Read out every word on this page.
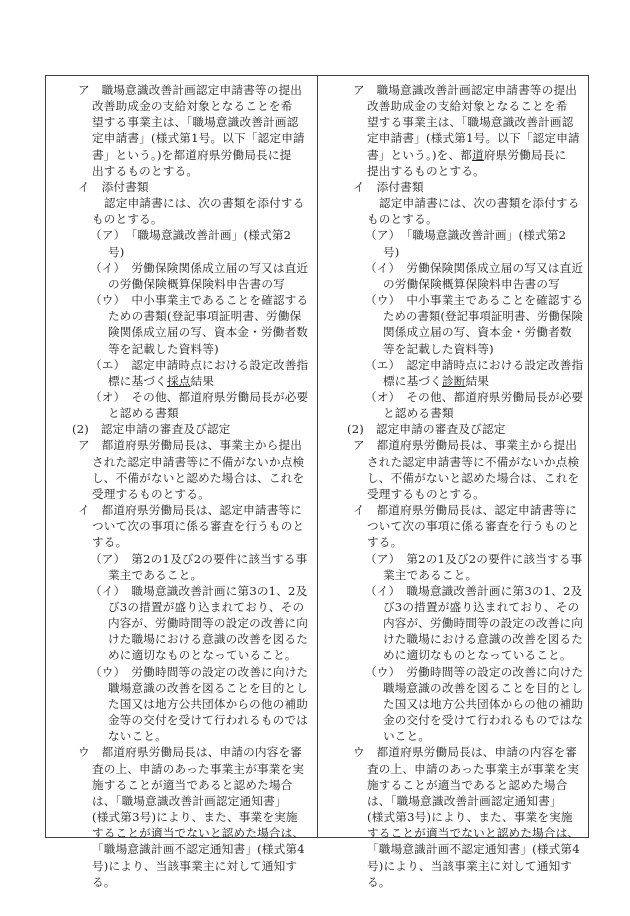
ア　職場意識改善計画認定申請書等の提出
改善助成金の支給対象となることを希
望する事業主は、「職場意識改善計画認
定申請書」(様式第1号。以下「認定申請
書」という。)を都道府県労働局長に提
出するものとする。
イ　添付書類
認定申請書には、次の書類を添付する
ものとする。
（ア）　「職場意識改善計画」(様式第2
号)
（イ）　労働保険関係成立届の写又は直近
の労働保険概算保険料申告書の写
（ウ）　中小事業主であることを確認する
ための書類(登記事項証明書、労働保
険関係成立届の写、資本金・労働者数
等を記載した資料等)
（エ）　認定申請時点における設定改善指
標に基づく採点結果
（オ）　その他、都道府県労働局長が必要
と認める書類
(2)　認定申請の審査及び認定
ア　都道府県労働局長は、事業主から提出
された認定申請書等に不備がないか点検
し、不備がないと認めた場合は、これを
受理するものとする。
イ　都道府県労働局長は、認定申請書等に
ついて次の事項に係る審査を行うものと
する。
（ア）　第2の1及び2の要件に該当する事
業主であること。
（イ）　職場意識改善計画に第3の1、2及
び3の措置が盛り込まれており、その
内容が、労働時間等の設定の改善に向
けた職場における意識の改善を図るた
めに適切なものとなっていること。
（ウ）　労働時間等の設定の改善に向けた
職場意識の改善を図ることを目的とし
た国又は地方公共団体からの他の補助
金等の交付を受けて行われるものでは
ないこと。
ウ　都道府県労働局長は、申請の内容を審
査の上、申請のあった事業主が事業を実
施することが適当であると認めた場合
は、「職場意識改善計画認定通知書」
(様式第3号)により、また、事業を実施
することが適当でないと認めた場合は、
「職場意識計画不認定通知書」(様式第4
号)により、当該事業主に対して通知す
る。
ア　職場意識改善計画認定申請書等の提出
改善助成金の支給対象となることを希
望する事業主は、「職場意識改善計画認
定申請書」(様式第1号。以下「認定申請
書」という。)を、都道府県労働局長に
提出するものとする。
イ　添付書類
認定申請書には、次の書類を添付する
ものとする。
（ア）　「職場意識改善計画」(様式第2
号)
（イ）　労働保険関係成立届の写又は直近
の労働保険概算保険料申告書の写
（ウ）　中小事業主であることを確認する
ための書類(登記事項証明書、労働保険
関係成立届の写、資本金・労働者数
等を記載した資料等)
（エ）　認定申請時点における設定改善指
標に基づく診断結果
（オ）　その他、都道府県労働局長が必要
と認める書類
(2)　認定申請の審査及び認定
ア　都道府県労働局長は、事業主から提出
された認定申請書等に不備がないか点検
し、不備がないと認めた場合は、これを
受理するものとする。
イ　都道府県労働局長は、認定申請書等に
ついて次の事項に係る審査を行うものと
する。
（ア）　第2の1及び2の要件に該当する事
業主であること。
（イ）　職場意識改善計画に第3の1、2及
び3の措置が盛り込まれており、その
内容が、労働時間等の設定の改善に向
けた職場における意識の改善を図るた
めに適切なものとなっていること。
（ウ）　労働時間等の設定の改善に向けた
職場意識の改善を図ることを目的とし
た国又は地方公共団体からの他の補助
金の交付を受けて行われるものではな
いこと。
ウ　都道府県労働局長は、申請の内容を審
査の上、申請のあった事業主が事業を実
施することが適当であると認めた場合
は、「職場意識改善計画認定通知書」
(様式第3号)により、また、事業を実施
することが適当でないと認めた場合は、
「職場意識計画不認定通知書」(様式第4
号)により、当該事業主に対して通知す
る。
